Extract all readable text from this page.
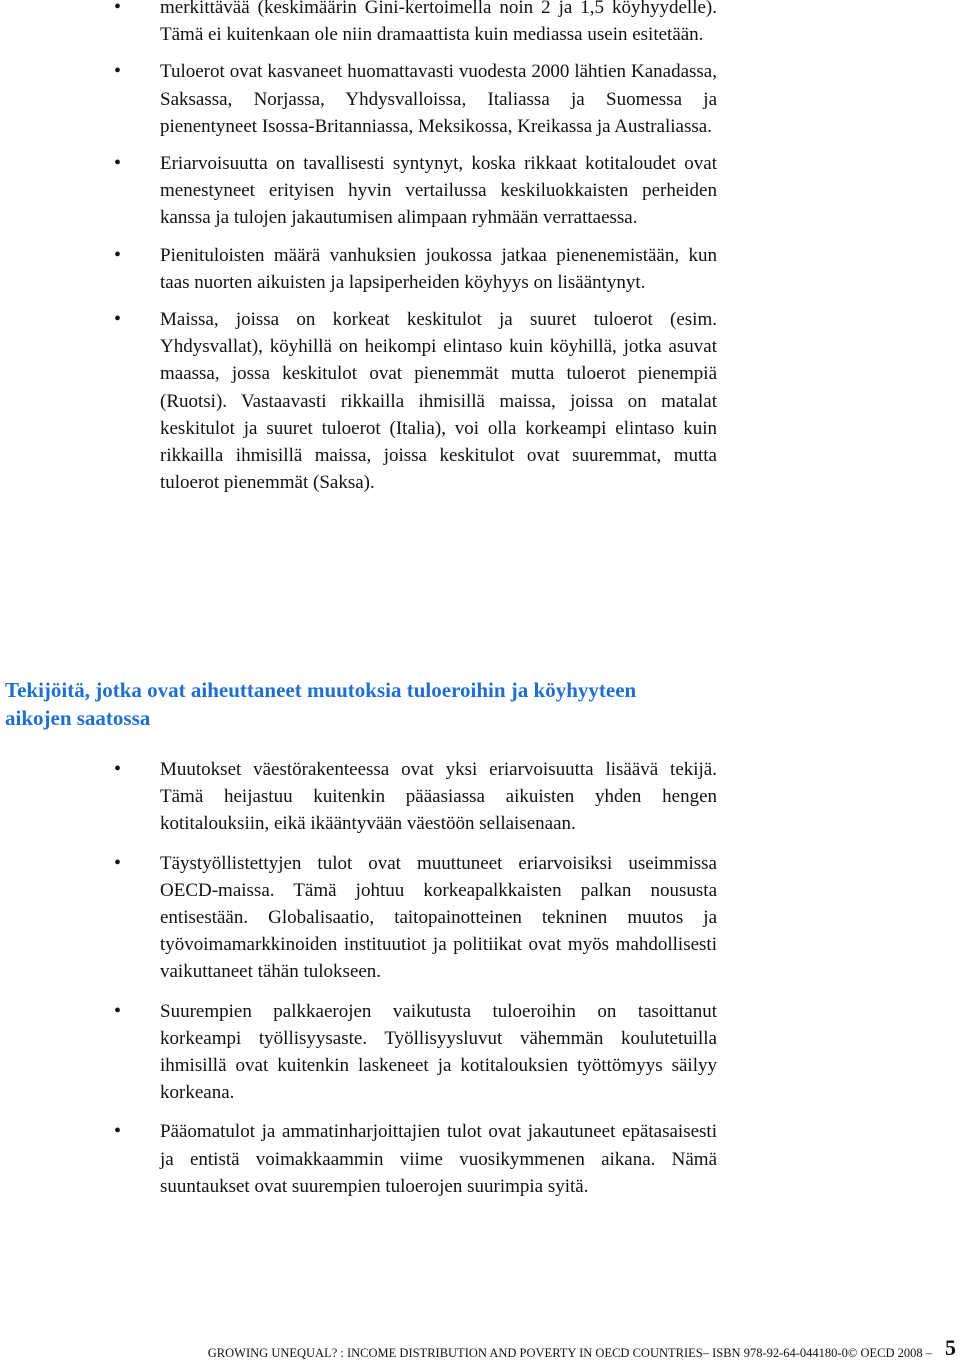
• merkittävää (keskimäärin Gini-kertoimella noin 2 ja 1,5 köyhyydelle). Tämä ei kuitenkaan ole niin dramaattista kuin mediassa usein esitetään.
• Tuloerot ovat kasvaneet huomattavasti vuodesta 2000 lähtien Kanadassa, Saksassa, Norjassa, Yhdysvalloissa, Italiassa ja Suomessa ja pienentyneet Isossa-Britanniassa, Meksikossa, Kreikassa ja Australiassa.
• Eriarvoisuutta on tavallisesti syntynyt, koska rikkaat kotitaloudet ovat menestyneet erityisen hyvin vertailussa keskiluokkaisten perheiden kanssa ja tulojen jakautumisen alimpaan ryhmään verrattaessa.
• Pienituloisten määrä vanhuksien joukossa jatkaa pienenemistään, kun taas nuorten aikuisten ja lapsiperheiden köyhyys on lisääntynyt.
• Maissa, joissa on korkeat keskitulot ja suuret tuloerot (esim. Yhdysvallat), köyhillä on heikompi elintaso kuin köyhillä, jotka asuvat maassa, jossa keskitulot ovat pienemmät mutta tuloerot pienempiä (Ruotsi). Vastaavasti rikkailla ihmisillä maissa, joissa on matalat keskitulot ja suuret tuloerot (Italia), voi olla korkeampi elintaso kuin rikkailla ihmisillä maissa, joissa keskitulot ovat suuremmat, mutta tuloerot pienemmät (Saksa).
Tekijöitä, jotka ovat aiheuttaneet muutoksia tuloeroihin ja köyhyyteen aikojen saatossa
• Muutokset väestörakenteessa ovat yksi eriarvoisuutta lisäävä tekijä. Tämä heijastuu kuitenkin pääasiassa aikuisten yhden hengen kotitalouksiin, eikä ikääntyvään väestöön sellaisenaan.
• Täystyöllistettyjen tulot ovat muuttuneet eriarvoisiksi useimmissa OECD-maissa. Tämä johtuu korkeapalkkaisten palkan noususta entisestään. Globalisaatio, taitopainotteinen tekninen muutos ja työvoimamarkkinoiden instituutiot ja politiikat ovat myös mahdollisesti vaikuttaneet tähän tulokseen.
• Suurempien palkkaerojen vaikutusta tuloeroihin on tasoittanut korkeampi työllisyysaste. Työllisyysluvut vähemmän koulutetuilla ihmisillä ovat kuitenkin laskeneet ja kotitalouksien työttömyys säilyy korkeana.
• Pääomatulot ja ammatinharjoittajien tulot ovat jakautuneet epätasaisesti ja entistä voimakkaammin viime vuosikymmenen aikana. Nämä suuntaukset ovat suurempien tuloerojen suurimpia syitä.
GROWING UNEQUAL? : INCOME DISTRIBUTION AND POVERTY IN OECD COUNTRIES– ISBN 978-92-64-044180-0© OECD 2008 – 5
